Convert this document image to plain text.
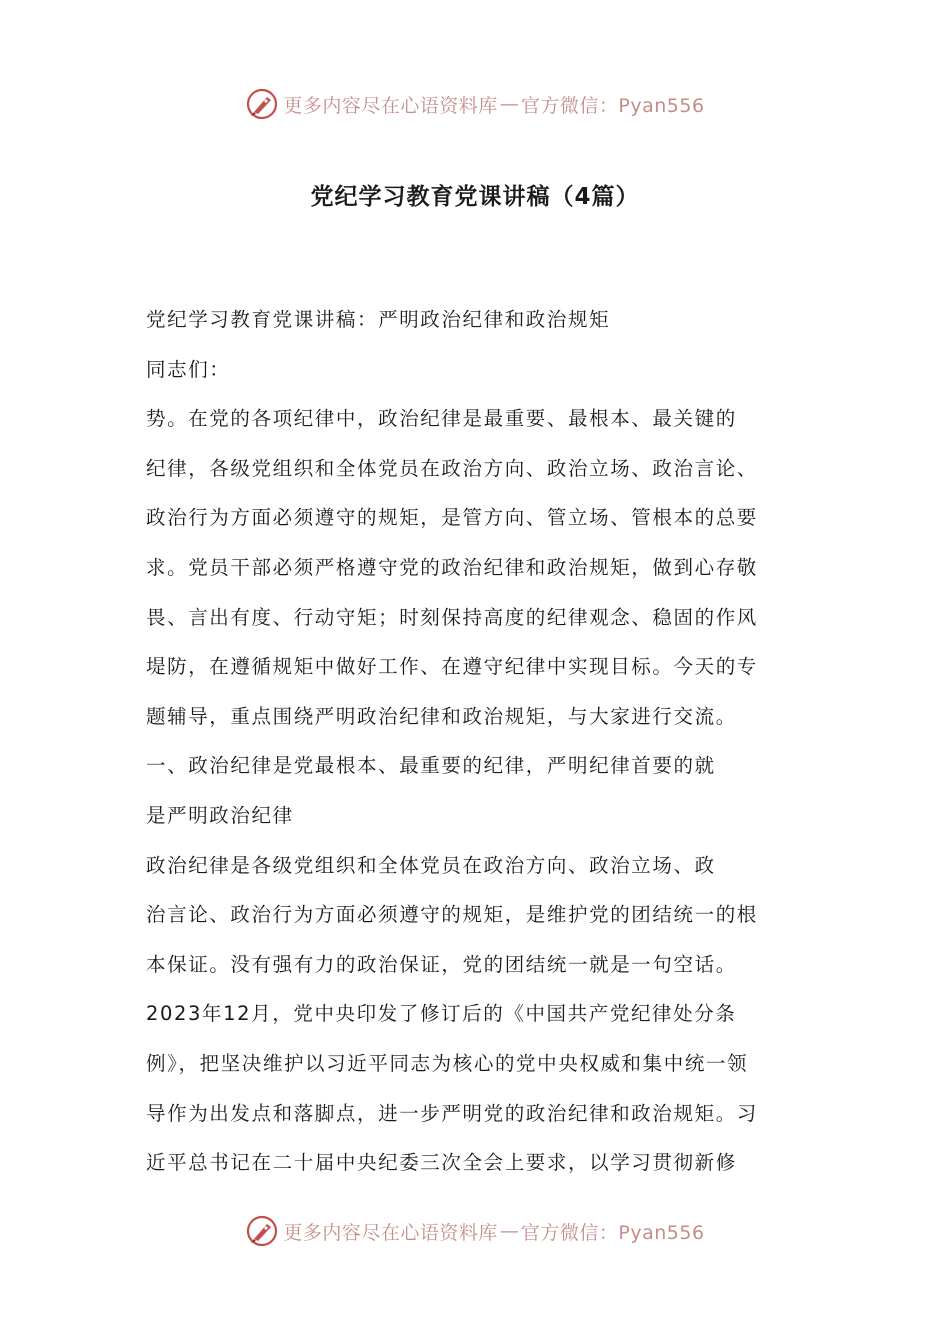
更多内容尽在心语资料库 — 官方微信：Pyan556
党纪学习教育党课讲稿（4篇）
党纪学习教育党课讲稿：严明政治纪律和政治规矩
同志们：
势。在党的各项纪律中，政治纪律是最重要、最根本、最关键的
纪律，各级党组织和全体党员在政治方向、政治立场、政治言论、
政治行为方面必须遵守的规矩，是管方向、管立场、管根本的总要
求。党员干部必须严格遵守党的政治纪律和政治规矩，做到心存敬
畏、言出有度、行动守矩；时刻保持高度的纪律观念、稳固的作风
堤防，在遵循规矩中做好工作、在遵守纪律中实现目标。今天的专
题辅导，重点围绕严明政治纪律和政治规矩，与大家进行交流。
一、政治纪律是党最根本、最重要的纪律，严明纪律首要的就
是严明政治纪律
政治纪律是各级党组织和全体党员在政治方向、政治立场、政
治言论、政治行为方面必须遵守的规矩，是维护党的团结统一的根
本保证。没有强有力的政治保证，党的团结统一就是一句空话。
2023年12月，党中央印发了修订后的《中国共产党纪律处分条
例》，把坚决维护以习近平同志为核心的党中央权威和集中统一领
导作为出发点和落脚点，进一步严明党的政治纪律和政治规矩。习
近平总书记在二十届中央纪委三次全会上要求，以学习贯彻新修
更多内容尽在心语资料库 — 官方微信：Pyan556
